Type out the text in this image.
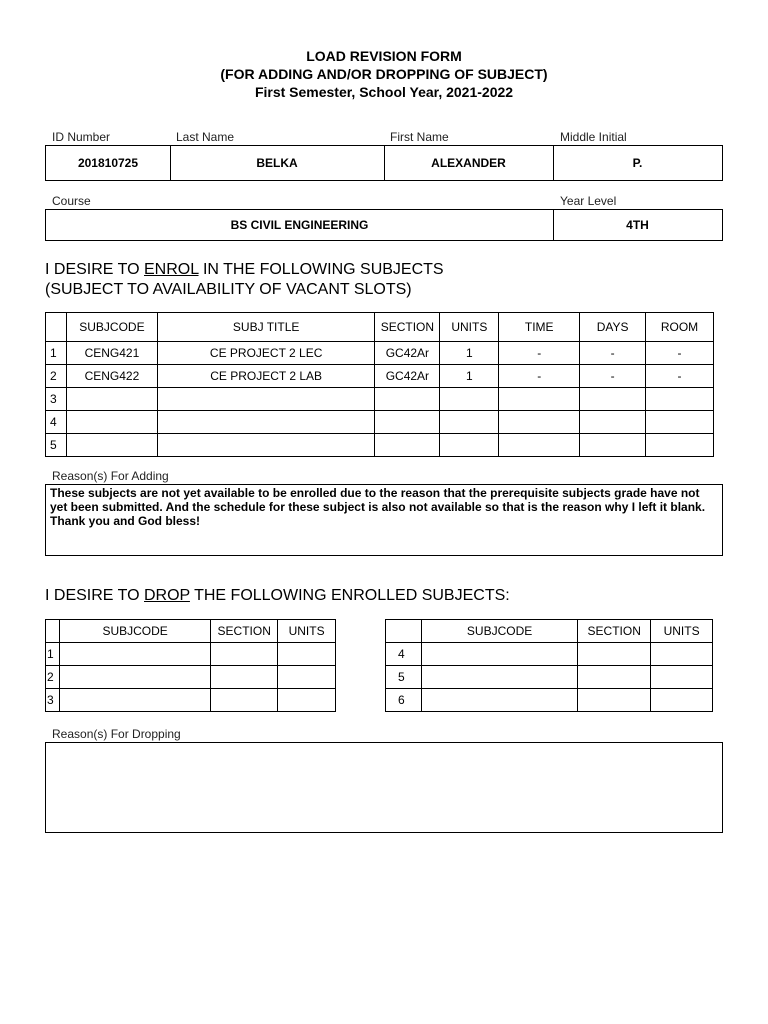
LOAD REVISION FORM
(FOR ADDING AND/OR DROPPING OF SUBJECT)
First Semester, School Year, 2021-2022
ID Number	Last Name	First Name	Middle Initial
201810725	BELKA	ALEXANDER	P.
Course	Year Level
BS CIVIL ENGINEERING	4TH
I DESIRE TO ENROL IN THE FOLLOWING SUBJECTS
(SUBJECT TO AVAILABILITY OF VACANT SLOTS)
	SUBJCODE	SUBJ TITLE	SECTION	UNITS	TIME	DAYS	ROOM
1	CENG421	CE PROJECT 2 LEC	GC42Ar	1	-	-	-
2	CENG422	CE PROJECT 2 LAB	GC42Ar	1	-	-	-
3							
4							
5							
Reason(s) For Adding
These subjects are not yet available to be enrolled due to the reason that the prerequisite subjects grade have not yet been submitted. And the schedule for these subject is also not available so that is the reason why I left it blank. Thank you and God bless!
I DESIRE TO DROP THE FOLLOWING ENROLLED SUBJECTS:
	SUBJCODE	SECTION	UNITS
1			
2			
3			
	SUBJCODE	SECTION	UNITS
4			
5			
6			
Reason(s) For Dropping
